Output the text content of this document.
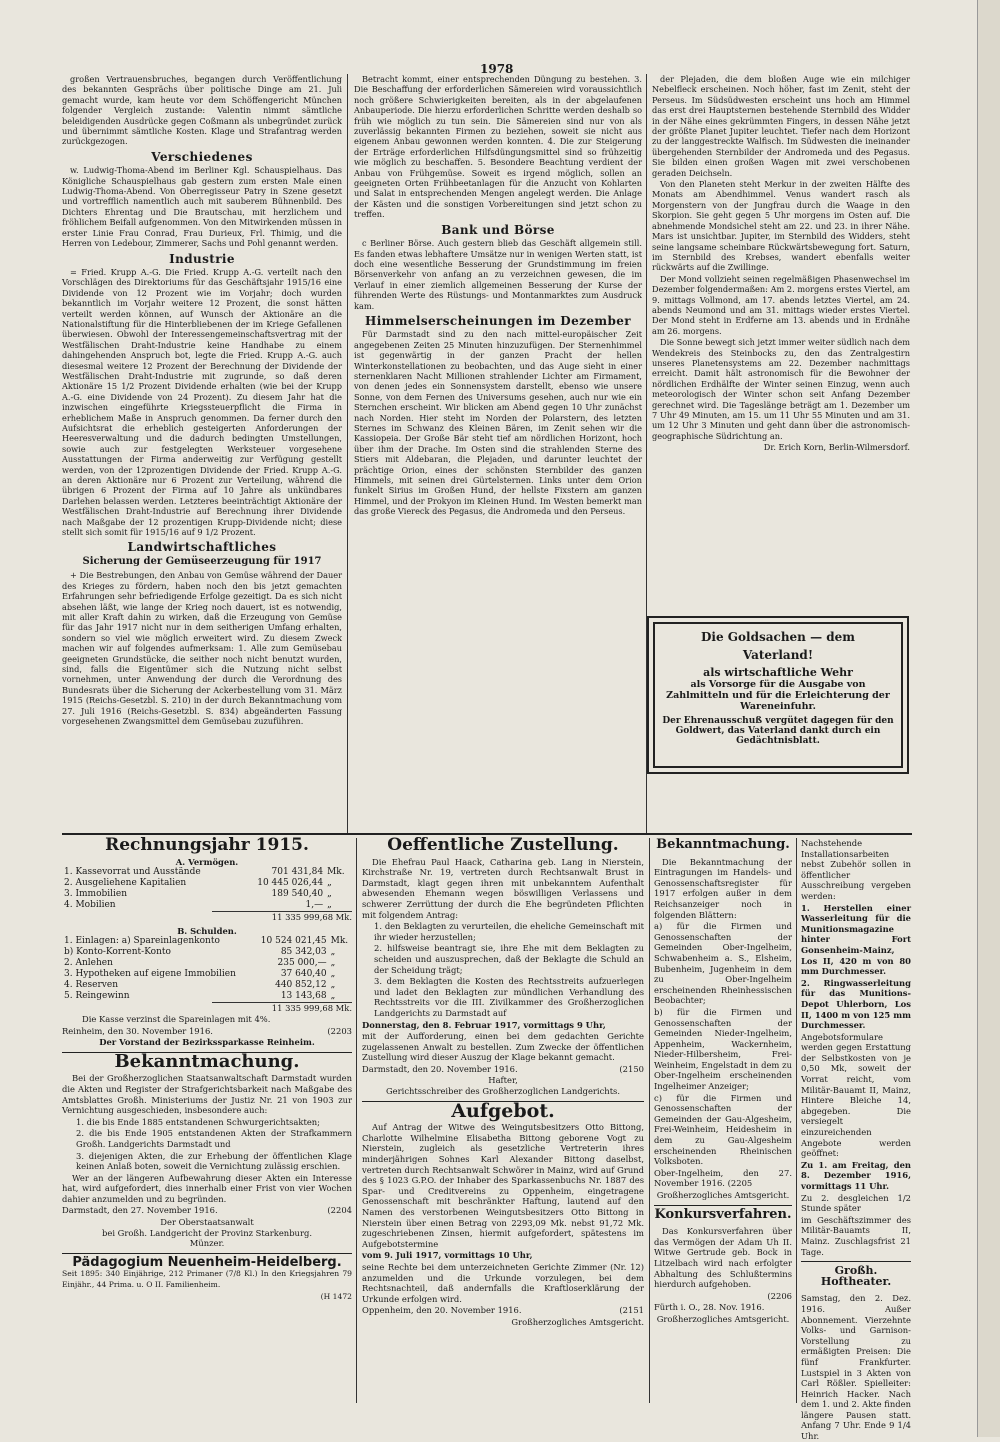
1978

großen Vertrauensbruches, begangen durch Veröffentlichung des bekannten Gesprächs über politische Dinge am 21. Juli gemacht wurde, kam heute vor dem Schöffengericht München folgender Vergleich zustande: Valentin nimmt sämtliche beleidigenden Ausdrücke gegen Coßmann als unbegründet zurück und übernimmt sämtliche Kosten. Klage und Strafantrag werden zurückgezogen.

Verschiedenes

w. Ludwig-Thoma-Abend im Berliner Kgl. Schauspielhaus. Das Königliche Schauspielhaus gab gestern zum ersten Male einen Ludwig-Thoma-Abend. Von Oberregisseur Patry in Szene gesetzt und vortrefflich namentlich auch mit sauberem Bühnenbild. Des Dichters Ehrentag und Die Brautschau, mit herzlichem und fröhlichem Beifall aufgenommen. Von den Mitwirkenden müssen in erster Linie Frau Conrad, Frau Durieux, Frl. Thimig, und die Herren von Ledebour, Zimmerer, Sachs und Pohl genannt werden.

Industrie

= Fried. Krupp A.-G. Die Fried. Krupp A.-G. verteilt nach den Vorschlägen des Direktoriums für das Geschäftsjahr 1915/16 eine Dividende von 12 Prozent wie im Vorjahr; doch wurden bekanntlich im Vorjahr weitere 12 Prozent, die sonst hätten verteilt werden können, auf Wunsch der Aktionäre an die Nationalstiftung für die Hinterbliebenen der im Kriege Gefallenen überwiesen. Obwohl der Interessengemeinschaftsvertrag mit der Westfälischen Draht-Industrie keine Handhabe zu einem dahingehenden Anspruch bot, legte die Fried. Krupp A.-G. auch diesesmal weitere 12 Prozent der Berechnung der Dividende der Westfälischen Draht-Industrie mit zugrunde, so daß deren Aktionäre 15 1/2 Prozent Dividende erhalten (wie bei der Krupp A.-G. eine Dividende von 24 Prozent). Zu diesem Jahr hat die inzwischen eingeführte Kriegssteuerpflicht die Firma in erheblichem Maße in Anspruch genommen. Da ferner durch den Aufsichtsrat die erheblich gesteigerten Anforderungen der Heeresverwaltung und die dadurch bedingten Umstellungen, sowie auch zur festgelegten Werksteuer vorgesehene Ausstattungen der Firma anderweitig zur Verfügung gestellt werden, von der 12prozentigen Dividende der Fried. Krupp A.-G. an deren Aktionäre nur 6 Prozent zur Verteilung, während die übrigen 6 Prozent der Firma auf 10 Jahre als unkündbares Darlehen belassen werden. Letzteres beeinträchtigt Aktionäre der Westfälischen Draht-Industrie auf Berechnung ihrer Dividende nach Maßgabe der 12 prozentigen Krupp-Dividende nicht; diese stellt sich somit für 1915/16 auf 9 1/2 Prozent.

Landwirtschaftliches
Sicherung der Gemüseerzeugung für 1917

+ Die Bestrebungen, den Anbau von Gemüse während der Dauer des Krieges zu fördern, haben noch den bis jetzt gemachten Erfahrungen sehr befriedigende Erfolge gezeitigt. Da es sich nicht absehen läßt, wie lange der Krieg noch dauert, ist es notwendig, mit aller Kraft dahin zu wirken, daß die Erzeugung von Gemüse für das Jahr 1917 nicht nur in dem seitherigen Umfang erhalten, sondern so viel wie möglich erweitert wird. Zu diesem Zweck machen wir auf folgendes aufmerksam: 1. Alle zum Gemüsebau geeigneten Grundstücke, die seither noch nicht benutzt wurden, sind, falls die Eigentümer sich die Nutzung nicht selbst vornehmen, unter Anwendung der durch die Verordnung des Bundesrats über die Sicherung der Ackerbestellung vom 31. März 1915 (Reichs-Gesetzbl. S. 210) in der durch Bekanntmachung vom 27. Juli 1916 (Reichs-Gesetzbl. S. 834) abgeänderten Fassung vorgesehenen Zwangsmittel dem Gemüsebau zuzuführen.

Betracht kommt, einer entsprechenden Düngung zu bestehen. 3. Die Beschaffung der erforderlichen Sämereien wird voraussichtlich noch größere Schwierigkeiten bereiten, als in der abgelaufenen Anbauperiode. Die hierzu erforderlichen Schritte werden deshalb so früh wie möglich zu tun sein. Die Sämereien sind nur von als zuverlässig bekannten Firmen zu beziehen, soweit sie nicht aus eigenem Anbau gewonnen werden konnten. 4. Die zur Steigerung der Erträge erforderlichen Hilfsdüngungsmittel sind so frühzeitig wie möglich zu beschaffen. 5. Besondere Beachtung verdient der Anbau von Frühgemüse. Soweit es irgend möglich, sollen an geeigneten Orten Frühbeetanlagen für die Anzucht von Kohlarten und Salat in entsprechenden Mengen angelegt werden. Die Anlage der Kästen und die sonstigen Vorbereitungen sind jetzt schon zu treffen.

Bank und Börse

c Berliner Börse. Auch gestern blieb das Geschäft allgemein still. Es fanden etwas lebhaftere Umsätze nur in wenigen Werten statt, ist doch eine wesentliche Besserung der Grundstimmung im freien Börsenverkehr von anfang an zu verzeichnen gewesen, die im Verlauf in einer ziemlich allgemeinen Besserung der Kurse der führenden Werte des Rüstungs- und Montanmarktes zum Ausdruck kam.

Himmelserscheinungen im Dezember

Für Darmstadt sind zu den nach mittel-europäischer Zeit angegebenen Zeiten 25 Minuten hinzuzufügen. Der Sternenhimmel ist gegenwärtig in der ganzen Pracht der hellen Winterkonstellationen zu beobachten, und das Auge sieht in einer sternenklaren Nacht Millionen strahlender Lichter am Firmament, von denen jedes ein Sonnensystem darstellt, ebenso wie unsere Sonne, von dem Fernen des Universums gesehen, auch nur wie ein Sternchen erscheint. Wir blicken am Abend gegen 10 Uhr zunächst nach Norden. Hier steht im Norden der Polarstern, des letzten Sternes im Schwanz des Kleinen Bären, im Zenit sehen wir die Kassiopeia. Der Große Bär steht tief am nördlichen Horizont, hoch über ihm der Drache. Im Osten sind die strahlenden Sterne des Stiers mit Aldebaran, die Plejaden, und darunter leuchtet der prächtige Orion, eines der schönsten Sternbilder des ganzen Himmels, mit seinen drei Gürtelsternen. Links unter dem Orion funkelt Sirius im Großen Hund, der hellste Fixstern am ganzen Himmel, und der Prokyon im Kleinen Hund. Im Westen bemerkt man das große Viereck des Pegasus, die Andromeda und den Perseus.

der Plejaden, die dem bloßen Auge wie ein milchiger Nebelfleck erscheinen. Noch höher, fast im Zenit, steht der Perseus. Im Südsüdwesten erscheint uns hoch am Himmel das erst drei Hauptsternen bestehende Sternbild des Widder in der Nähe eines gekrümmten Fingers, in dessen Nähe jetzt der größte Planet Jupiter leuchtet. Tiefer nach dem Horizont zu der langgestreckte Walfisch. Im Südwesten die ineinander übergehenden Sternbilder der Andromeda und des Pegasus. Sie bilden einen großen Wagen mit zwei verschobenen geraden Deichseln.

Von den Planeten steht Merkur in der zweiten Hälfte des Monats am Abendhimmel. Venus wandert rasch als Morgenstern von der Jungfrau durch die Waage in den Skorpion. Sie geht gegen 5 Uhr morgens im Osten auf. Die abnehmende Mondsichel steht am 22. und 23. in ihrer Nähe. Mars ist unsichtbar. Jupiter, im Sternbild des Widders, steht seine langsame scheinbare Rückwärtsbewegung fort. Saturn, im Sternbild des Krebses, wandert ebenfalls weiter rückwärts auf die Zwillinge.

Der Mond vollzieht seinen regelmäßigen Phasenwechsel im Dezember folgendermaßen: Am 2. morgens erstes Viertel, am 9. mittags Vollmond, am 17. abends letztes Viertel, am 24. abends Neumond und am 31. mittags wieder erstes Viertel. Der Mond steht in Erdferne am 13. abends und in Erdnähe am 26. morgens.

Die Sonne bewegt sich jetzt immer weiter südlich nach dem Wendekreis des Steinbocks zu, den das Zentralgestirn unseres Planetensystems am 22. Dezember nachmittags erreicht. Damit hält astronomisch für die Bewohner der nördlichen Erdhälfte der Winter seinen Einzug, wenn auch meteorologisch der Winter schon seit Anfang Dezember gerechnet wird. Die Tageslänge beträgt am 1. Dezember um 7 Uhr 49 Minuten, am 15. um 11 Uhr 55 Minuten und am 31. um 12 Uhr 3 Minuten und geht dann über die astronomisch-geographische Südrichtung an.

Dr. Erich Korn, Berlin-Wilmersdorf.

Die Goldsachen — dem
Vaterland!
als wirtschaftliche Wehr
als Vorsorge für die Ausgabe von Zahlmitteln und für die Erleichterung der Wareneinfuhr.
Der Ehrenausschuß vergütet dagegen für den Goldwert, das Vaterland dankt durch ein Gedächtnisblatt.
Rechnungsjahr 1915.
A. Vermögen.
1. Kassevorrat und Ausstände	701 431,84	Mk.
2. Ausgeliehene Kapitalien	10 445 026,44	„
3. Immobilien	189 540,40	„
4. Mobilien	1,—	„
11 335 999,68 Mk.
B. Schulden.
1. Einlagen: a) Spareinlagenkonto	10 524 021,45	Mk.
b) Konto-Korrent-Konto	85 342,03	„
2. Anlehen	235 000,—	„
3. Hypotheken auf eigene Immobilien	37 640,40	„
4. Reserven	440 852,12	„
5. Reingewinn	13 143,68	„
11 335 999,68 Mk.

Die Kasse verzinst die Spareinlagen mit 4%.

Reinheim, den 30. November 1916.	(2203

Der Vorstand der Bezirkssparkasse Reinheim.
Bekanntmachung.

Bei der Großherzoglichen Staatsanwaltschaft Darmstadt wurden die Akten und Register der Strafgerichtsbarkeit nach Maßgabe des Amtsblattes Großh. Ministeriums der Justiz Nr. 21 von 1903 zur Vernichtung ausgeschieden, insbesondere auch:

1. die bis Ende 1885 entstandenen Schwurgerichtsakten;

2. die bis Ende 1905 entstandenen Akten der Strafkammern Großh. Landgerichts Darmstadt und

3. diejenigen Akten, die zur Erhebung der öffentlichen Klage keinen Anlaß boten, soweit die Vernichtung zulässig erschien.

Wer an der längeren Aufbewahrung dieser Akten ein Interesse hat, wird aufgefordert, dies innerhalb einer Frist von vier Wochen dahier anzumelden und zu begründen.

Darmstadt, den 27. November 1916.	(2204

Der Oberstaatsanwalt
bei Großh. Landgericht der Provinz Starkenburg.
Münzer.
Pädagogium Neuenheim-Heidelberg.

Seit 1895: 340 Einjährige, 212 Primaner (7/8 Kl.) In den Kriegsjahren 79 Einjähr., 44 Prima. u. O II. Familienheim.

(H 1472

Oeffentliche Zustellung.

Die Ehefrau Paul Haack, Catharina geb. Lang in Nierstein, Kirchstraße Nr. 19, vertreten durch Rechtsanwalt Brust in Darmstadt, klagt gegen ihren mit unbekanntem Aufenthalt abwesenden Ehemann wegen böswilligen Verlassens und schwerer Zerrüttung der durch die Ehe begründeten Pflichten mit folgendem Antrag:

1. den Beklagten zu verurteilen, die eheliche Gemeinschaft mit ihr wieder herzustellen;

2. hilfsweise beantragt sie, ihre Ehe mit dem Beklagten zu scheiden und auszusprechen, daß der Beklagte die Schuld an der Scheidung trägt;

3. dem Beklagten die Kosten des Rechtsstreits aufzuerlegen und ladet den Beklagten zur mündlichen Verhandlung des Rechtsstreits vor die III. Zivilkammer des Großherzoglichen Landgerichts zu Darmstadt auf

Donnerstag, den 8. Februar 1917, vormittags 9 Uhr,

mit der Aufforderung, einen bei dem gedachten Gerichte zugelassenen Anwalt zu bestellen. Zum Zwecke der öffentlichen Zustellung wird dieser Auszug der Klage bekannt gemacht.

Darmstadt, den 20. November 1916.	(2150

Hafter,
Gerichtsschreiber des Großherzoglichen Landgerichts.
Aufgebot.

Auf Antrag der Witwe des Weingutsbesitzers Otto Bittong, Charlotte Wilhelmine Elisabetha Bittong geborene Vogt zu Nierstein, zugleich als gesetzliche Vertreterin ihres minderjährigen Sohnes Karl Alexander Bittong daselbst, vertreten durch Rechtsanwalt Schwörer in Mainz, wird auf Grund des § 1023 G.P.O. der Inhaber des Sparkassenbuchs Nr. 1887 des Spar- und Creditvereins zu Oppenheim, eingetragene Genossenschaft mit beschränkter Haftung, lautend auf den Namen des verstorbenen Weingutsbesitzers Otto Bittong in Nierstein über einen Betrag von 2293,09 Mk. nebst 91,72 Mk. zugeschriebenen Zinsen, hiermit aufgefordert, spätestens im Aufgebotstermine

vom 9. Juli 1917, vormittags 10 Uhr,

seine Rechte bei dem unterzeichneten Gerichte Zimmer (Nr. 12) anzumelden und die Urkunde vorzulegen, bei dem Rechtsnachteil, daß andernfalls die Kraftloserklärung der Urkunde erfolgen wird.

Oppenheim, den 20. November 1916.	(2151

Großherzogliches Amtsgericht.
Bekanntmachung.

Die Bekanntmachung der Eintragungen im Handels- und Genossenschaftsregister für 1917 erfolgen außer in dem Reichsanzeiger noch in folgenden Blättern:

a) für die Firmen und Genossenschaften der Gemeinden Ober-Ingelheim, Schwabenheim a. S., Elsheim, Bubenheim, Jugenheim in dem zu Ober-Ingelheim erscheinenden Rheinhessischen Beobachter;

b) für die Firmen und Genossenschaften der Gemeinden Nieder-Ingelheim, Appenheim, Wackernheim, Nieder-Hilbersheim, Frei-Weinheim, Engelstadt in dem zu Ober-Ingelheim erscheinenden Ingelheimer Anzeiger;

c) für die Firmen und Genossenschaften der Gemeinden der Gau-Algesheim, Frei-Weinheim, Heidesheim in dem zu Gau-Algesheim erscheinenden Rheinischen Volksboten.

Ober-Ingelheim, den 27. November 1916. (2205

Großherzogliches Amtsgericht.
Konkursverfahren.

Das Konkursverfahren über das Vermögen der Adam Uh II. Witwe Gertrude geb. Bock in Litzelbach wird nach erfolgter Abhaltung des Schlußtermins hierdurch aufgehoben.

(2206

Fürth i. O., 28. Nov. 1916.

Großherzogliches Amtsgericht.

Nachstehende Installationsarbeiten nebst Zubehör sollen in öffentlicher Ausschreibung vergeben werden:

1. Herstellen einer Wasserleitung für die Munitionsmagazine hinter Fort Gonsenheim-Mainz, Los II, 420 m von 80 mm Durchmesser.

2. Ringwasserleitung für das Munitions-Depot Uhlerborn, Los II, 1400 m von 125 mm Durchmesser.

Angebotsformulare werden gegen Erstattung der Selbstkosten von je 0,50 Mk, soweit der Vorrat reicht, vom Militär-Bauamt II, Mainz, Hintere Bleiche 14, abgegeben. Die versiegelt einzureichenden Angebote werden geöffnet:

Zu 1. am Freitag, den 8. Dezember 1916, vormittags 11 Uhr.

Zu 2. desgleichen 1/2 Stunde später

im Geschäftszimmer des Militär-Bauamts II, Mainz. Zuschlagsfrist 21 Tage.

Großh. Hoftheater.

Samstag, den 2. Dez. 1916. Außer Abonnement. Vierzehnte Volks- und Garnison-Vorstellung zu ermäßigten Preisen: Die fünf Frankfurter. Lustspiel in 3 Akten von Carl Rößler. Spielleiter: Heinrich Hacker. Nach dem 1. und 2. Akte finden längere Pausen statt. Anfang 7 Uhr. Ende 9 1/4 Uhr.
